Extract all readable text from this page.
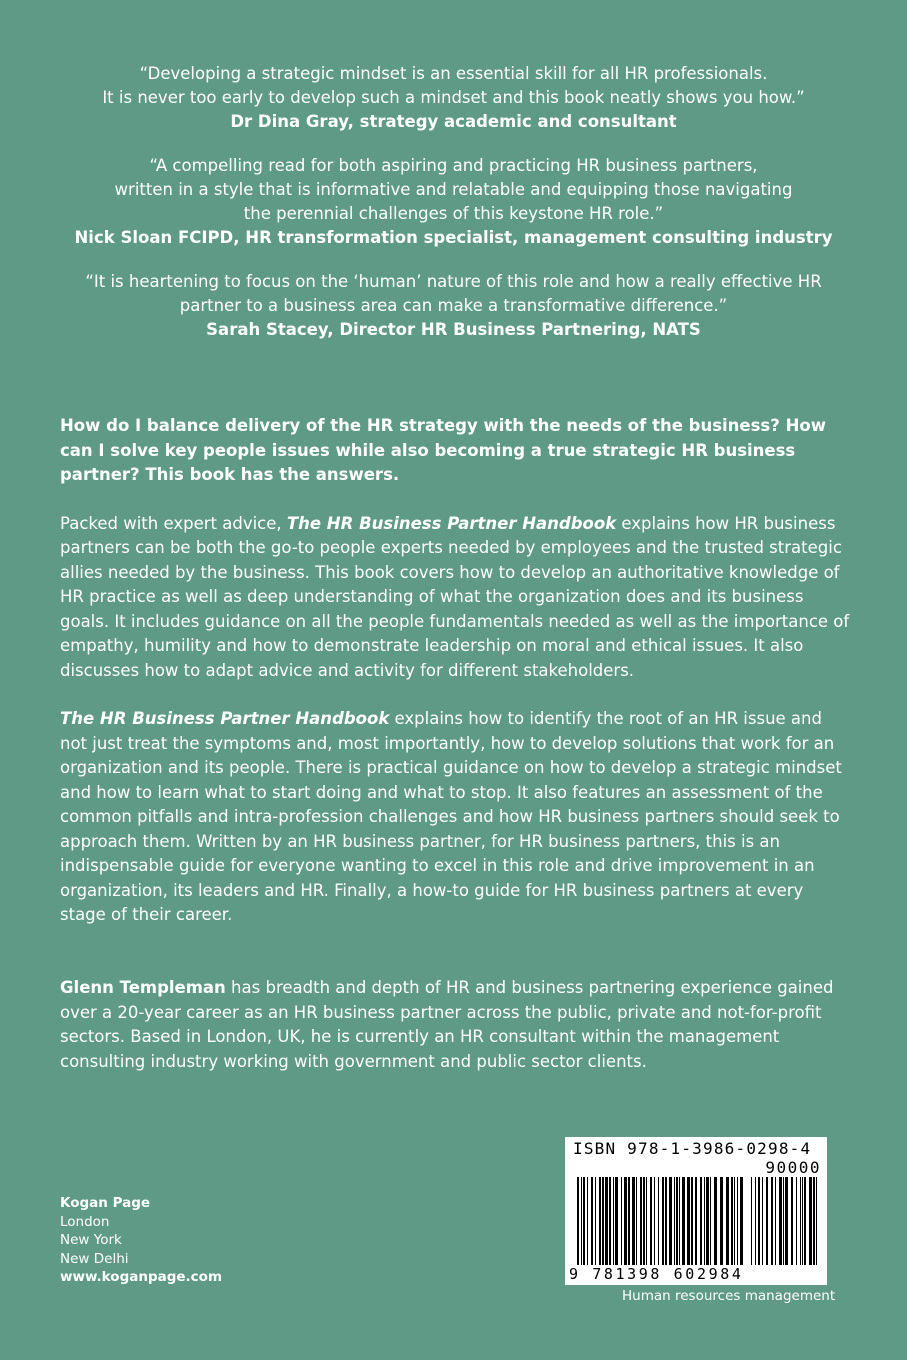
“Developing a strategic mindset is an essential skill for all HR professionals.

It is never too early to develop such a mindset and this book neatly shows you how.”

Dr Dina Gray, strategy academic and consultant

“A compelling read for both aspiring and practicing HR business partners,

written in a style that is informative and relatable and equipping those navigating

the perennial challenges of this keystone HR role.”

Nick Sloan FCIPD, HR transformation specialist, management consulting industry

“It is heartening to focus on the ‘human’ nature of this role and how a really effective HR

partner to a business area can make a transformative difference.”

Sarah Stacey, Director HR Business Partnering, NATS

How do I balance delivery of the HR strategy with the needs of the business? How can I solve key people issues while also becoming a true strategic HR business partner? This book has the answers.

Packed with expert advice, The HR Business Partner Handbook explains how HR business partners can be both the go-to people experts needed by employees and the trusted strategic allies needed by the business. This book covers how to develop an authoritative knowledge of HR practice as well as deep understanding of what the organization does and its business goals. It includes guidance on all the people fundamentals needed as well as the importance of empathy, humility and how to demonstrate leadership on moral and ethical issues. It also discusses how to adapt advice and activity for different stakeholders.

The HR Business Partner Handbook explains how to identify the root of an HR issue and not just treat the symptoms and, most importantly, how to develop solutions that work for an organization and its people. There is practical guidance on how to develop a strategic mindset and how to learn what to start doing and what to stop. It also features an assessment of the common pitfalls and intra-profession challenges and how HR business partners should seek to approach them. Written by an HR business partner, for HR business partners, this is an indispensable guide for everyone wanting to excel in this role and drive improvement in an organization, its leaders and HR. Finally, a how-to guide for HR business partners at every stage of their career.

Glenn Templeman has breadth and depth of HR and business partnering experience gained over a 20-year career as an HR business partner across the public, private and not-for-profit sectors. Based in London, UK, he is currently an HR consultant within the management consulting industry working with government and public sector clients.

Kogan Page
London
New York
New Delhi
www.koganpage.com
ISBN 978-1-3986-0298-4
90000
9 781398 602984
Human resources management
